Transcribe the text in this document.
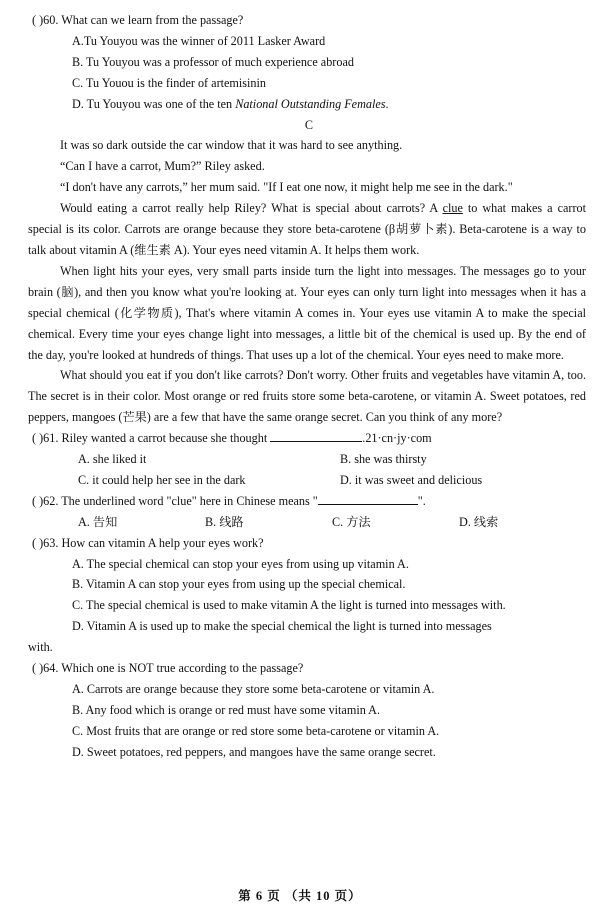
( )60. What can we learn from the passage?
A.Tu Youyou was the winner of 2011 Lasker Award
B. Tu Youyou was a professor of much experience abroad
C. Tu Youou is the finder of artemisinin
D. Tu Youyou was one of the ten National Outstanding Females.
C
It was so dark outside the car window that it was hard to see anything.
“Can I have a carrot, Mum?” Riley asked.
“I don't have any carrots,” her mum said. "If I eat one now, it might help me see in the dark."
Would eating a carrot really help Riley? What is special about carrots? A clue to what makes a carrot special is its color. Carrots are orange because they store beta-carotene (β胡萝卜素). Beta-carotene is a way to talk about vitamin A (维生素 A). Your eyes need vitamin A. It helps them work.
When light hits your eyes, very small parts inside turn the light into messages. The messages go to your brain (脑), and then you know what you're looking at. Your eyes can only turn light into messages when it has a special chemical (化学物质), That's where vitamin A comes in. Your eyes use vitamin A to make the special chemical. Every time your eyes change light into messages, a little bit of the chemical is used up. By the end of the day, you're looked at hundreds of things. That uses up a lot of the chemical. Your eyes need to make more.
What should you eat if you don't like carrots? Don't worry. Other fruits and vegetables have vitamin A, too. The secret is in their color. Most orange or red fruits store some beta-carotene, or vitamin A. Sweet potatoes, red peppers, mangoes (芒果) are a few that have the same orange secret. Can you think of any more?
( )61. Riley wanted a carrot because she thought	.21·cn·jy·com
A. she liked it	B. she was thirsty
C. it could help her see in the dark	D. it was sweet and delicious
( )62. The underlined word "clue" here in Chinese means "	".
A. 告知	B. 线路	C. 方法	D. 线索
( )63. How can vitamin A help your eyes work?
A. The special chemical can stop your eyes from using up vitamin A.
B. Vitamin A can stop your eyes from using up the special chemical.
C. The special chemical is used to make vitamin A the light is turned into messages with.
D. Vitamin A is used up to make the special chemical the light is turned into messages
with.
( )64. Which one is NOT true according to the passage?
A. Carrots are orange because they store some beta-carotene or vitamin A.
B. Any food which is orange or red must have some vitamin A.
C. Most fruits that are orange or red store some beta-carotene or vitamin A.
D. Sweet potatoes, red peppers, and mangoes have the same orange secret.
第 6 页 （共 10 页）
